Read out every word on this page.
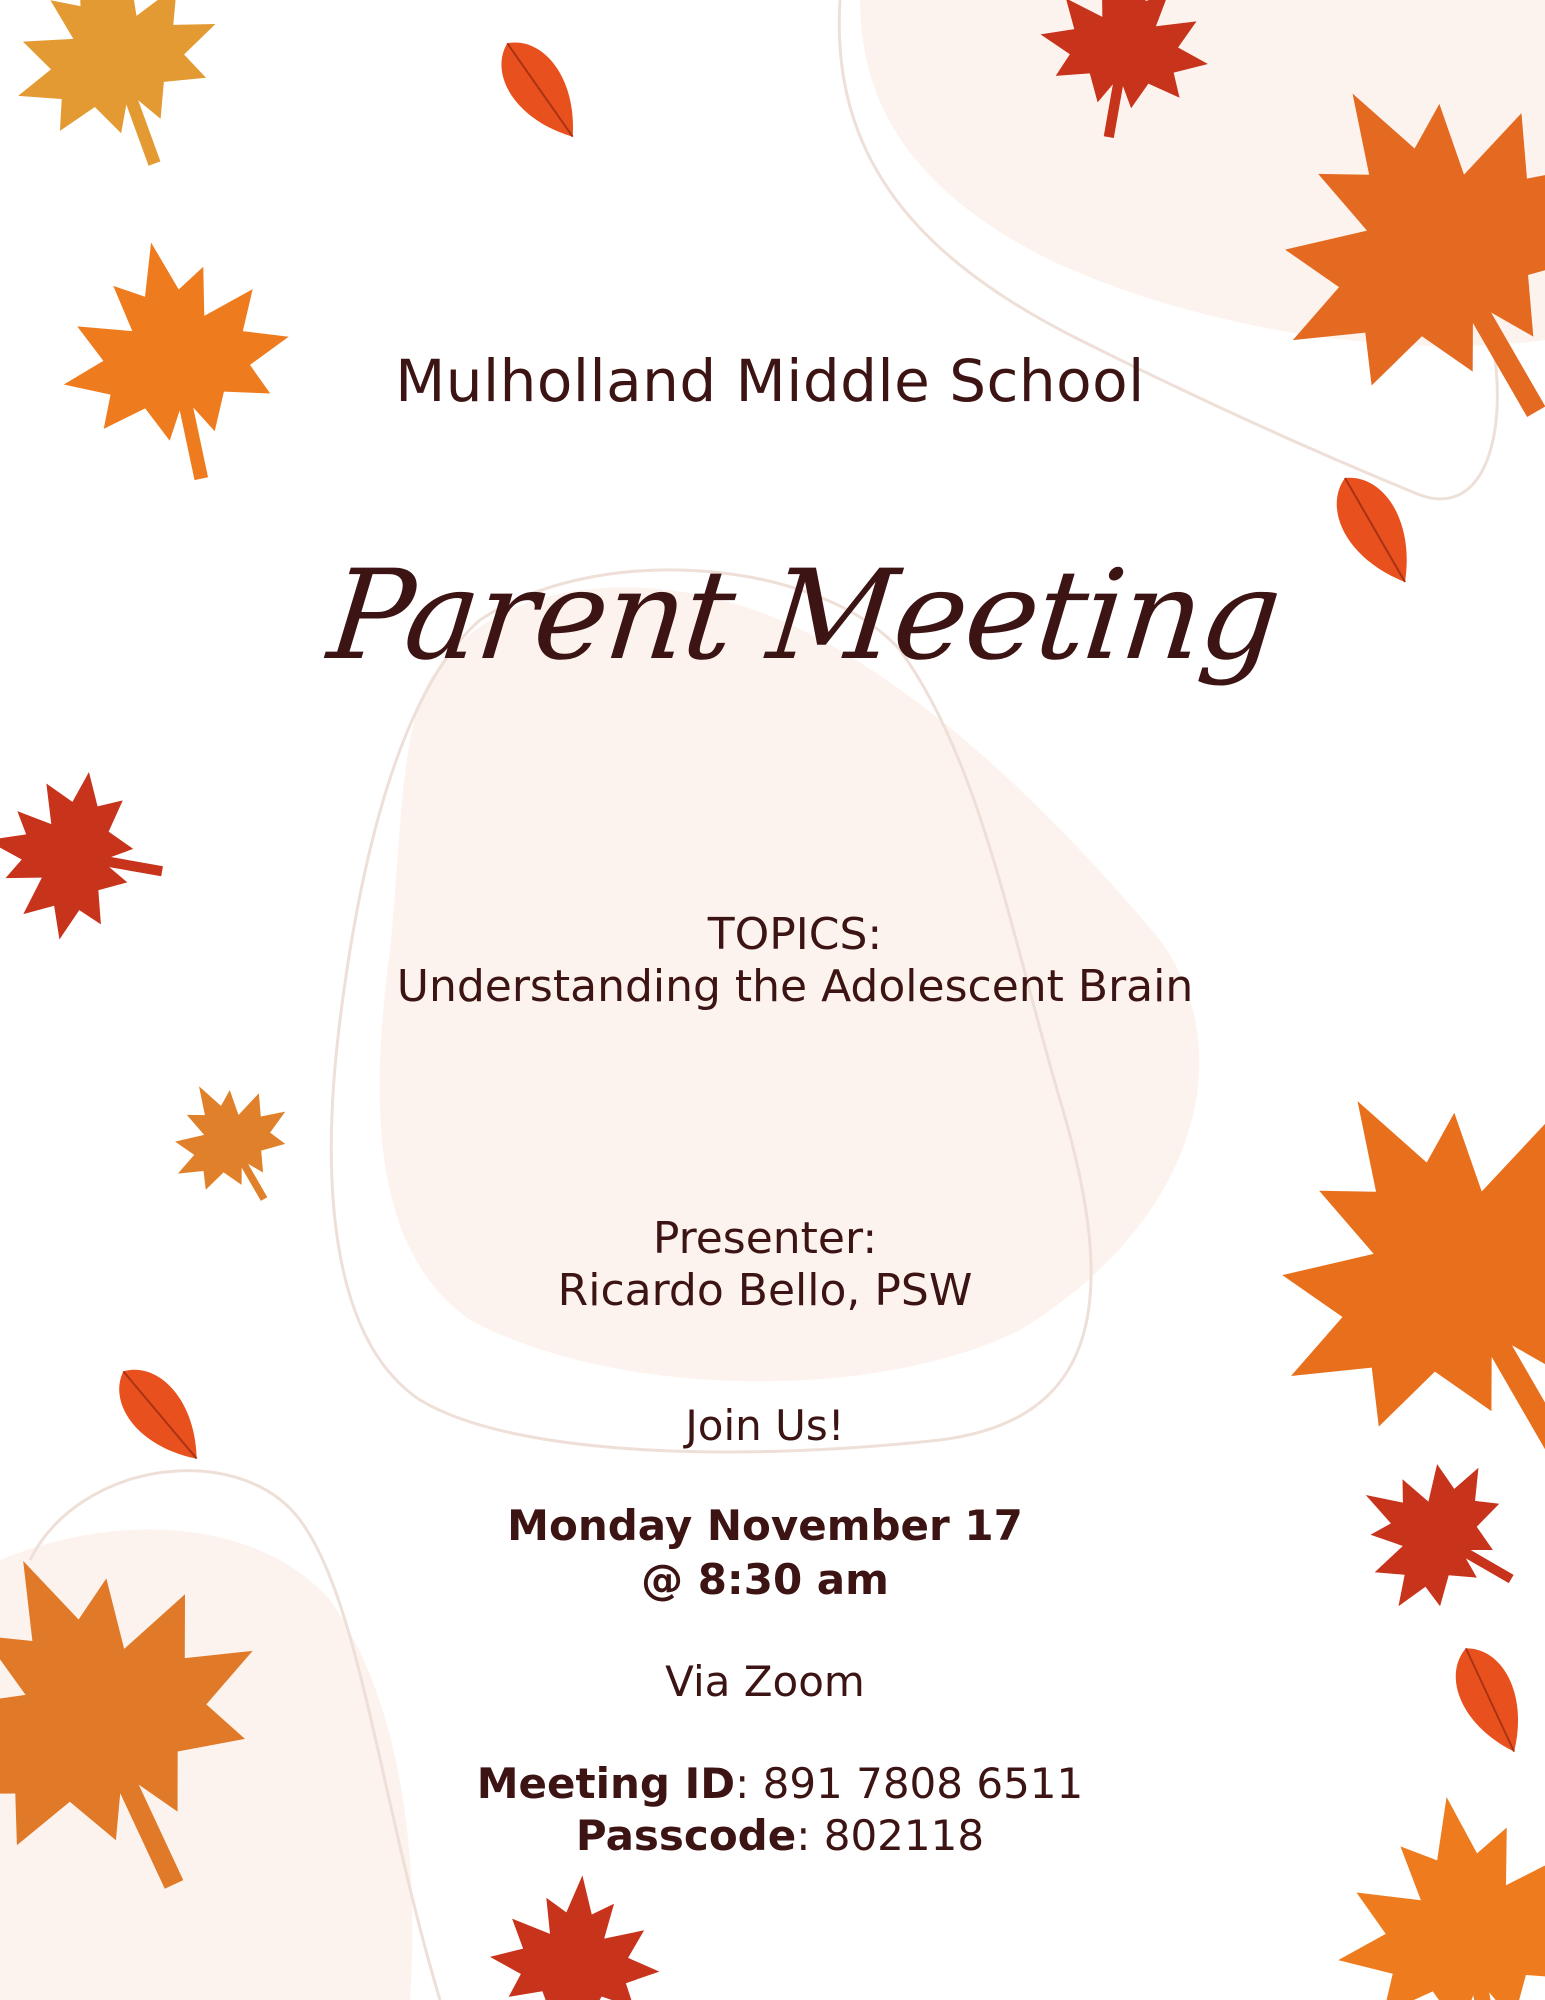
Mulholland Middle School
Parent Meeting
TOPICS:
Understanding the Adolescent Brain
Presenter:
Ricardo Bello, PSW
Join Us!
Monday November 17
@ 8:30 am
Via Zoom
Meeting ID: 891 7808 6511
Passcode: 802118
